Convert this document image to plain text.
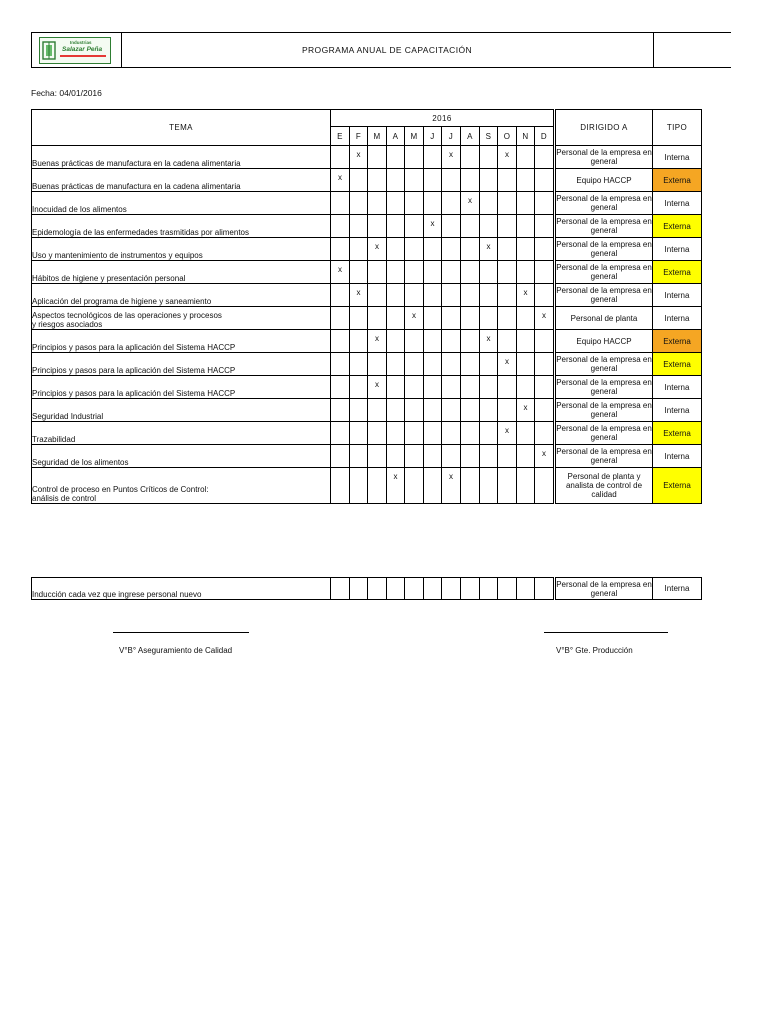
Industrias
Salazar Peña	PROGRAMA ANUAL DE CAPACITACIÓN
Fecha: 04/01/2016
TEMA	2016													DIRIGIDO A	TIPO
	E	F	M	A	M	J	J	A	S	O	N	D			
Buenas prácticas de manufactura en la cadena alimentaria		x					x			x				Personal de la empresa en general	Interna
Buenas prácticas de manufactura en la cadena alimentaria	x													Equipo HACCP	Externa
Inocuidad de los alimentos								x						Personal de la empresa en general	Interna
Epidemología de las enfermedades trasmitidas por alimentos						x								Personal de la empresa en general	Externa
Uso y mantenimiento de instrumentos y equipos			x						x					Personal de la empresa en general	Interna
Hábitos de higiene y presentación personal	x													Personal de la empresa en general	Externa
Aplicación del programa de higiene y saneamiento		x									x			Personal de la empresa en general	Interna
Aspectos tecnológicos de las operaciones y procesos
y riesgos asociados					x							x		Personal de planta	Interna
Principios y pasos para la aplicación del Sistema HACCP			x						x					Equipo HACCP	Externa
Principios y pasos para la aplicación del Sistema HACCP										x				Personal de la empresa en general	Externa
Principios y pasos para la aplicación del Sistema HACCP			x											Personal de la empresa en general	Interna
Seguridad Industrial											x			Personal de la empresa en general	Interna
Trazabilidad										x				Personal de la empresa en general	Externa
Seguridad de los alimentos												x		Personal de la empresa en general	Interna
Control de proceso en Puntos Críticos de Control:
análisis de control				x			x							Personal de planta y analista de control de calidad	Externa
Inducción cada vez que ingrese personal nuevo														Personal de la empresa en general	Interna
V°B° Aseguramiento de Calidad	V°B° Gte. Producción
